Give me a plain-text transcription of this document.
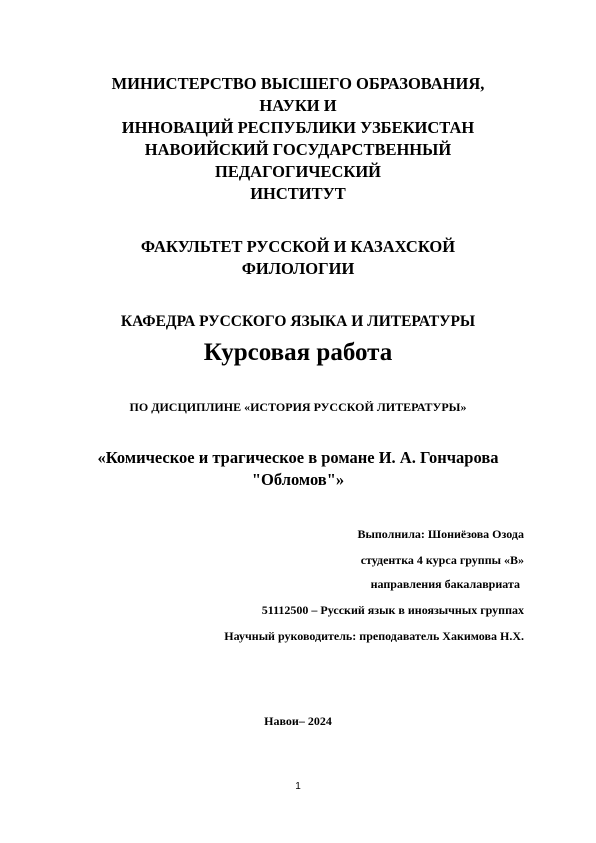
МИНИСТЕРСТВО ВЫСШЕГО ОБРАЗОВАНИЯ,
НАУКИ И
ИННОВАЦИЙ РЕСПУБЛИКИ УЗБЕКИСТАН
НАВОИЙСКИЙ ГОСУДАРСТВЕННЫЙ
ПЕДАГОГИЧЕСКИЙ
ИНСТИТУТ
ФАКУЛЬТЕТ РУССКОЙ И КАЗАХСКОЙ
ФИЛОЛОГИИ
КАФЕДРА РУССКОГО ЯЗЫКА И ЛИТЕРАТУРЫ
Курсовая работа
ПО ДИСЦИПЛИНЕ «ИСТОРИЯ РУССКОЙ ЛИТЕРАТУРЫ»
«Комическое и трагическое в романе И. А. Гончарова
"Обломов"»
Выполнила: Шониёзова Озода
студентка 4 курса группы «В»
направления бакалавриата
51112500 – Русский язык в иноязычных группах
Научный руководитель: преподаватель Хакимова Н.Х.
Навои– 2024
1
